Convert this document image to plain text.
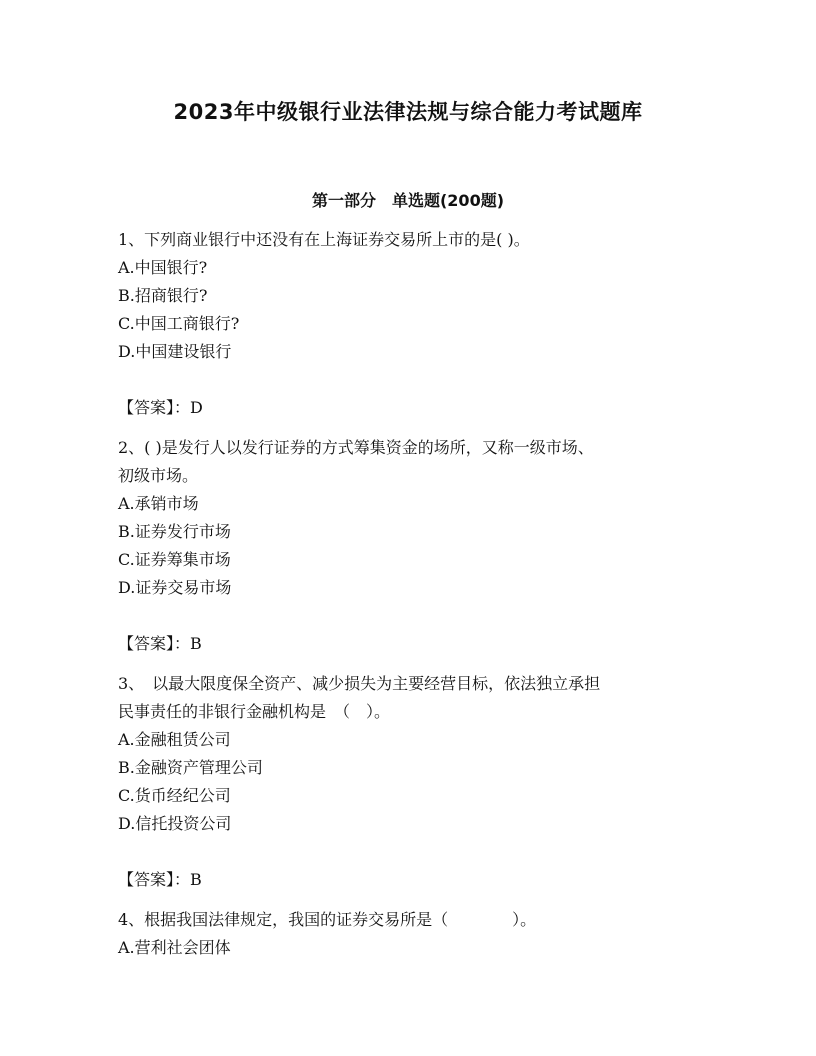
2023年中级银行业法律法规与综合能力考试题库
第一部分　单选题(200题)
1、下列商业银行中还没有在上海证券交易所上市的是( )。
A.中国银行?
B.招商银行?
C.中国工商银行?
D.中国建设银行
【答案】：D
2、( )是发行人以发行证券的方式筹集资金的场所，又称一级市场、
初级市场。
A.承销市场
B.证券发行市场
C.证券筹集市场
D.证券交易市场
【答案】：B
3、　以最大限度保全资产、减少损失为主要经营目标，依法独立承担
民事责任的非银行金融机构是　（　）。
A.金融租赁公司
B.金融资产管理公司
C.货币经纪公司
D.信托投资公司
【答案】：B
4、根据我国法律规定，我国的证券交易所是（　　　　）。
A.营利社会团体
